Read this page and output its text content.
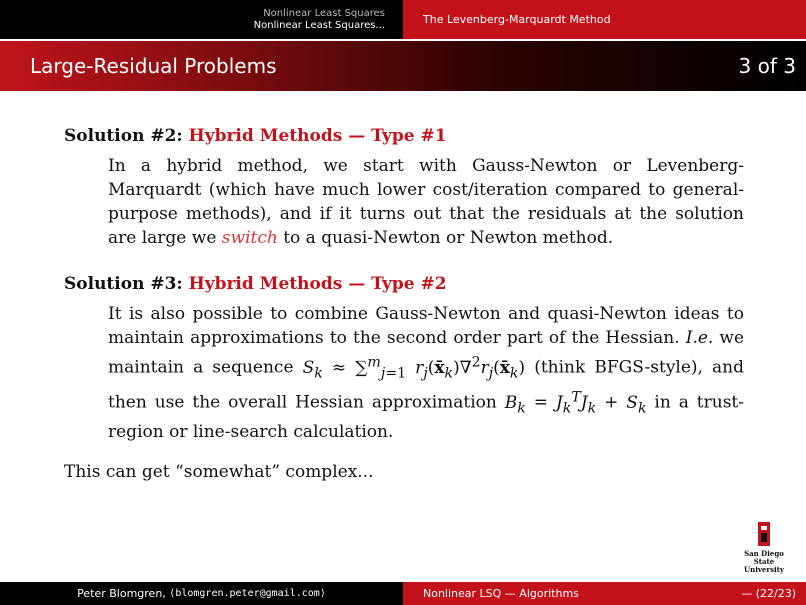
Nonlinear Least Squares
Nonlinear Least Squares...	The Levenberg-Marquardt Method
Large-Residual Problems	3 of 3

Solution #2: Hybrid Methods — Type #1

In a hybrid method, we start with Gauss-Newton or Levenberg-Marquardt (which have much lower cost/iteration compared to general-purpose methods), and if it turns out that the residuals at the solution are large we switch to a quasi-Newton or Newton method.

Solution #3: Hybrid Methods — Type #2

It is also possible to combine Gauss-Newton and quasi-Newton ideas to maintain approximations to the second order part of the Hessian. I.e. we maintain a sequence $S_k \approx \sum^m_{j=1}$ $r_j(x̄_k)\nabla^2r_j(x̄_k)$ (think BFGS-style), and then use the overall Hessian approximation $B_k = J_k^TJ_k + S_k$ in a trust-region or line-search calculation.

This can get “somewhat” complex...

San Diego State
University
Peter Blomgren,
⟨blomgren.peter@gmail.com⟩	Nonlinear LSQ — Algorithms	— (22/23)
